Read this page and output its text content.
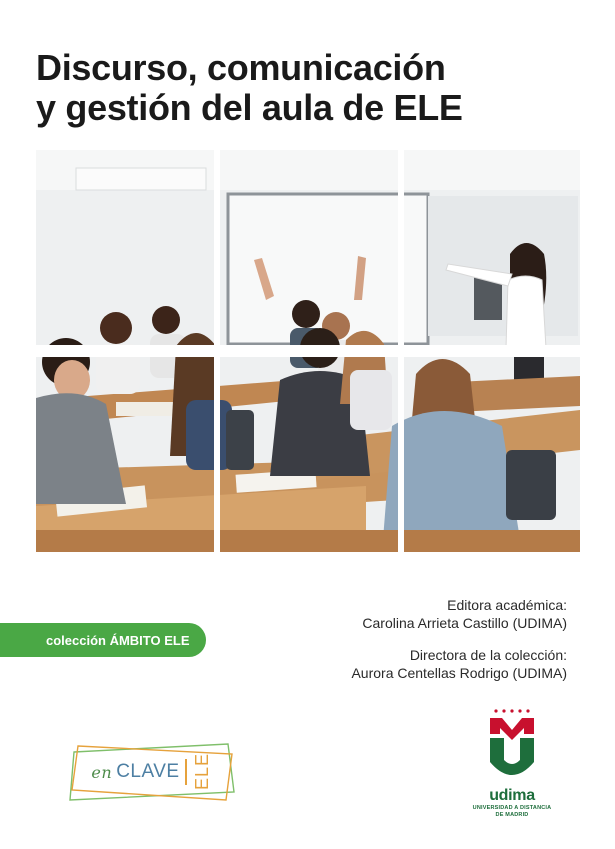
Discurso, comunicación
y gestión del aula de ELE
Editora académica:
Carolina Arrieta Castillo (UDIMA)
Directora de la colección:
Aurora Centellas Rodrigo (UDIMA)
colección ÁMBITO ELE
en CLAVE ELE
udima
UNIVERSIDAD A DISTANCIA
DE MADRID
